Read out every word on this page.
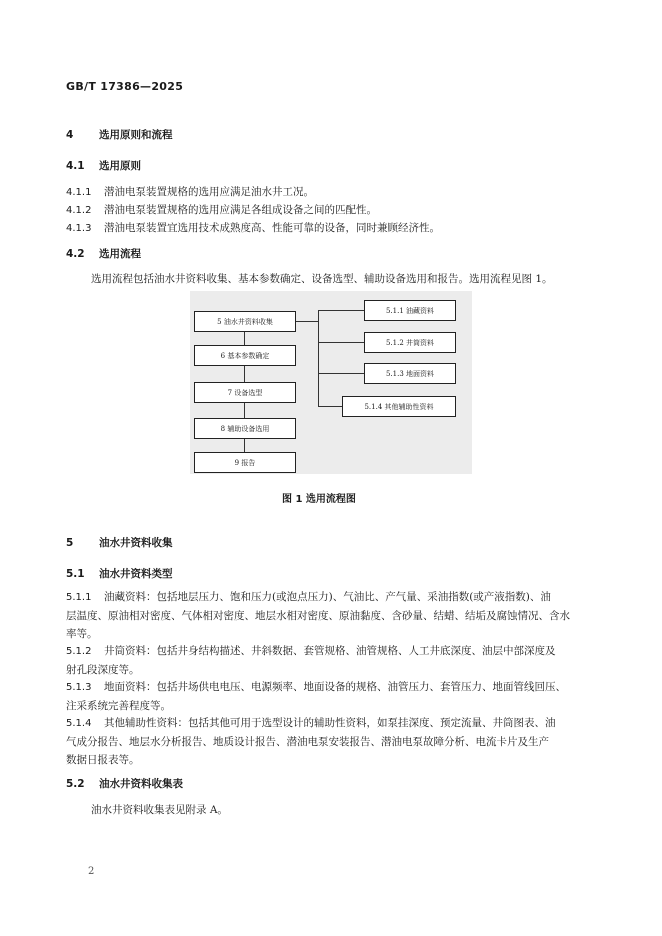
GB/T 17386—2025
4 选用原则和流程
4.1 选用原则
4.1.1 潜油电泵装置规格的选用应满足油水井工况。
4.1.2 潜油电泵装置规格的选用应满足各组成设备之间的匹配性。
4.1.3 潜油电泵装置宜选用技术成熟度高、性能可靠的设备，同时兼顾经济性。
4.2 选用流程
选用流程包括油水井资料收集、基本参数确定、设备选型、辅助设备选用和报告。选用流程见图 1。
5 油水井资料收集
6 基本参数确定
7 设备选型
8 辅助设备选用
9 报告
5.1.1 油藏资料
5.1.2 井筒资料
5.1.3 地面资料
5.1.4 其他辅助性资料
图 1 选用流程图
5 油水井资料收集
5.1 油水井资料类型
5.1.1 油藏资料：包括地层压力、饱和压力(或泡点压力)、气油比、产气量、采油指数(或产液指数)、油
层温度、原油相对密度、气体相对密度、地层水相对密度、原油黏度、含砂量、结蜡、结垢及腐蚀情况、含水
率等。
5.1.2 井筒资料：包括井身结构描述、井斜数据、套管规格、油管规格、人工井底深度、油层中部深度及
射孔段深度等。
5.1.3 地面资料：包括井场供电电压、电源频率、地面设备的规格、油管压力、套管压力、地面管线回压、
注采系统完善程度等。
5.1.4 其他辅助性资料：包括其他可用于选型设计的辅助性资料，如泵挂深度、预定流量、井筒图表、油
气成分报告、地层水分析报告、地质设计报告、潜油电泵安装报告、潜油电泵故障分析、电流卡片及生产
数据日报表等。
5.2 油水井资料收集表
油水井资料收集表见附录 A。
2
